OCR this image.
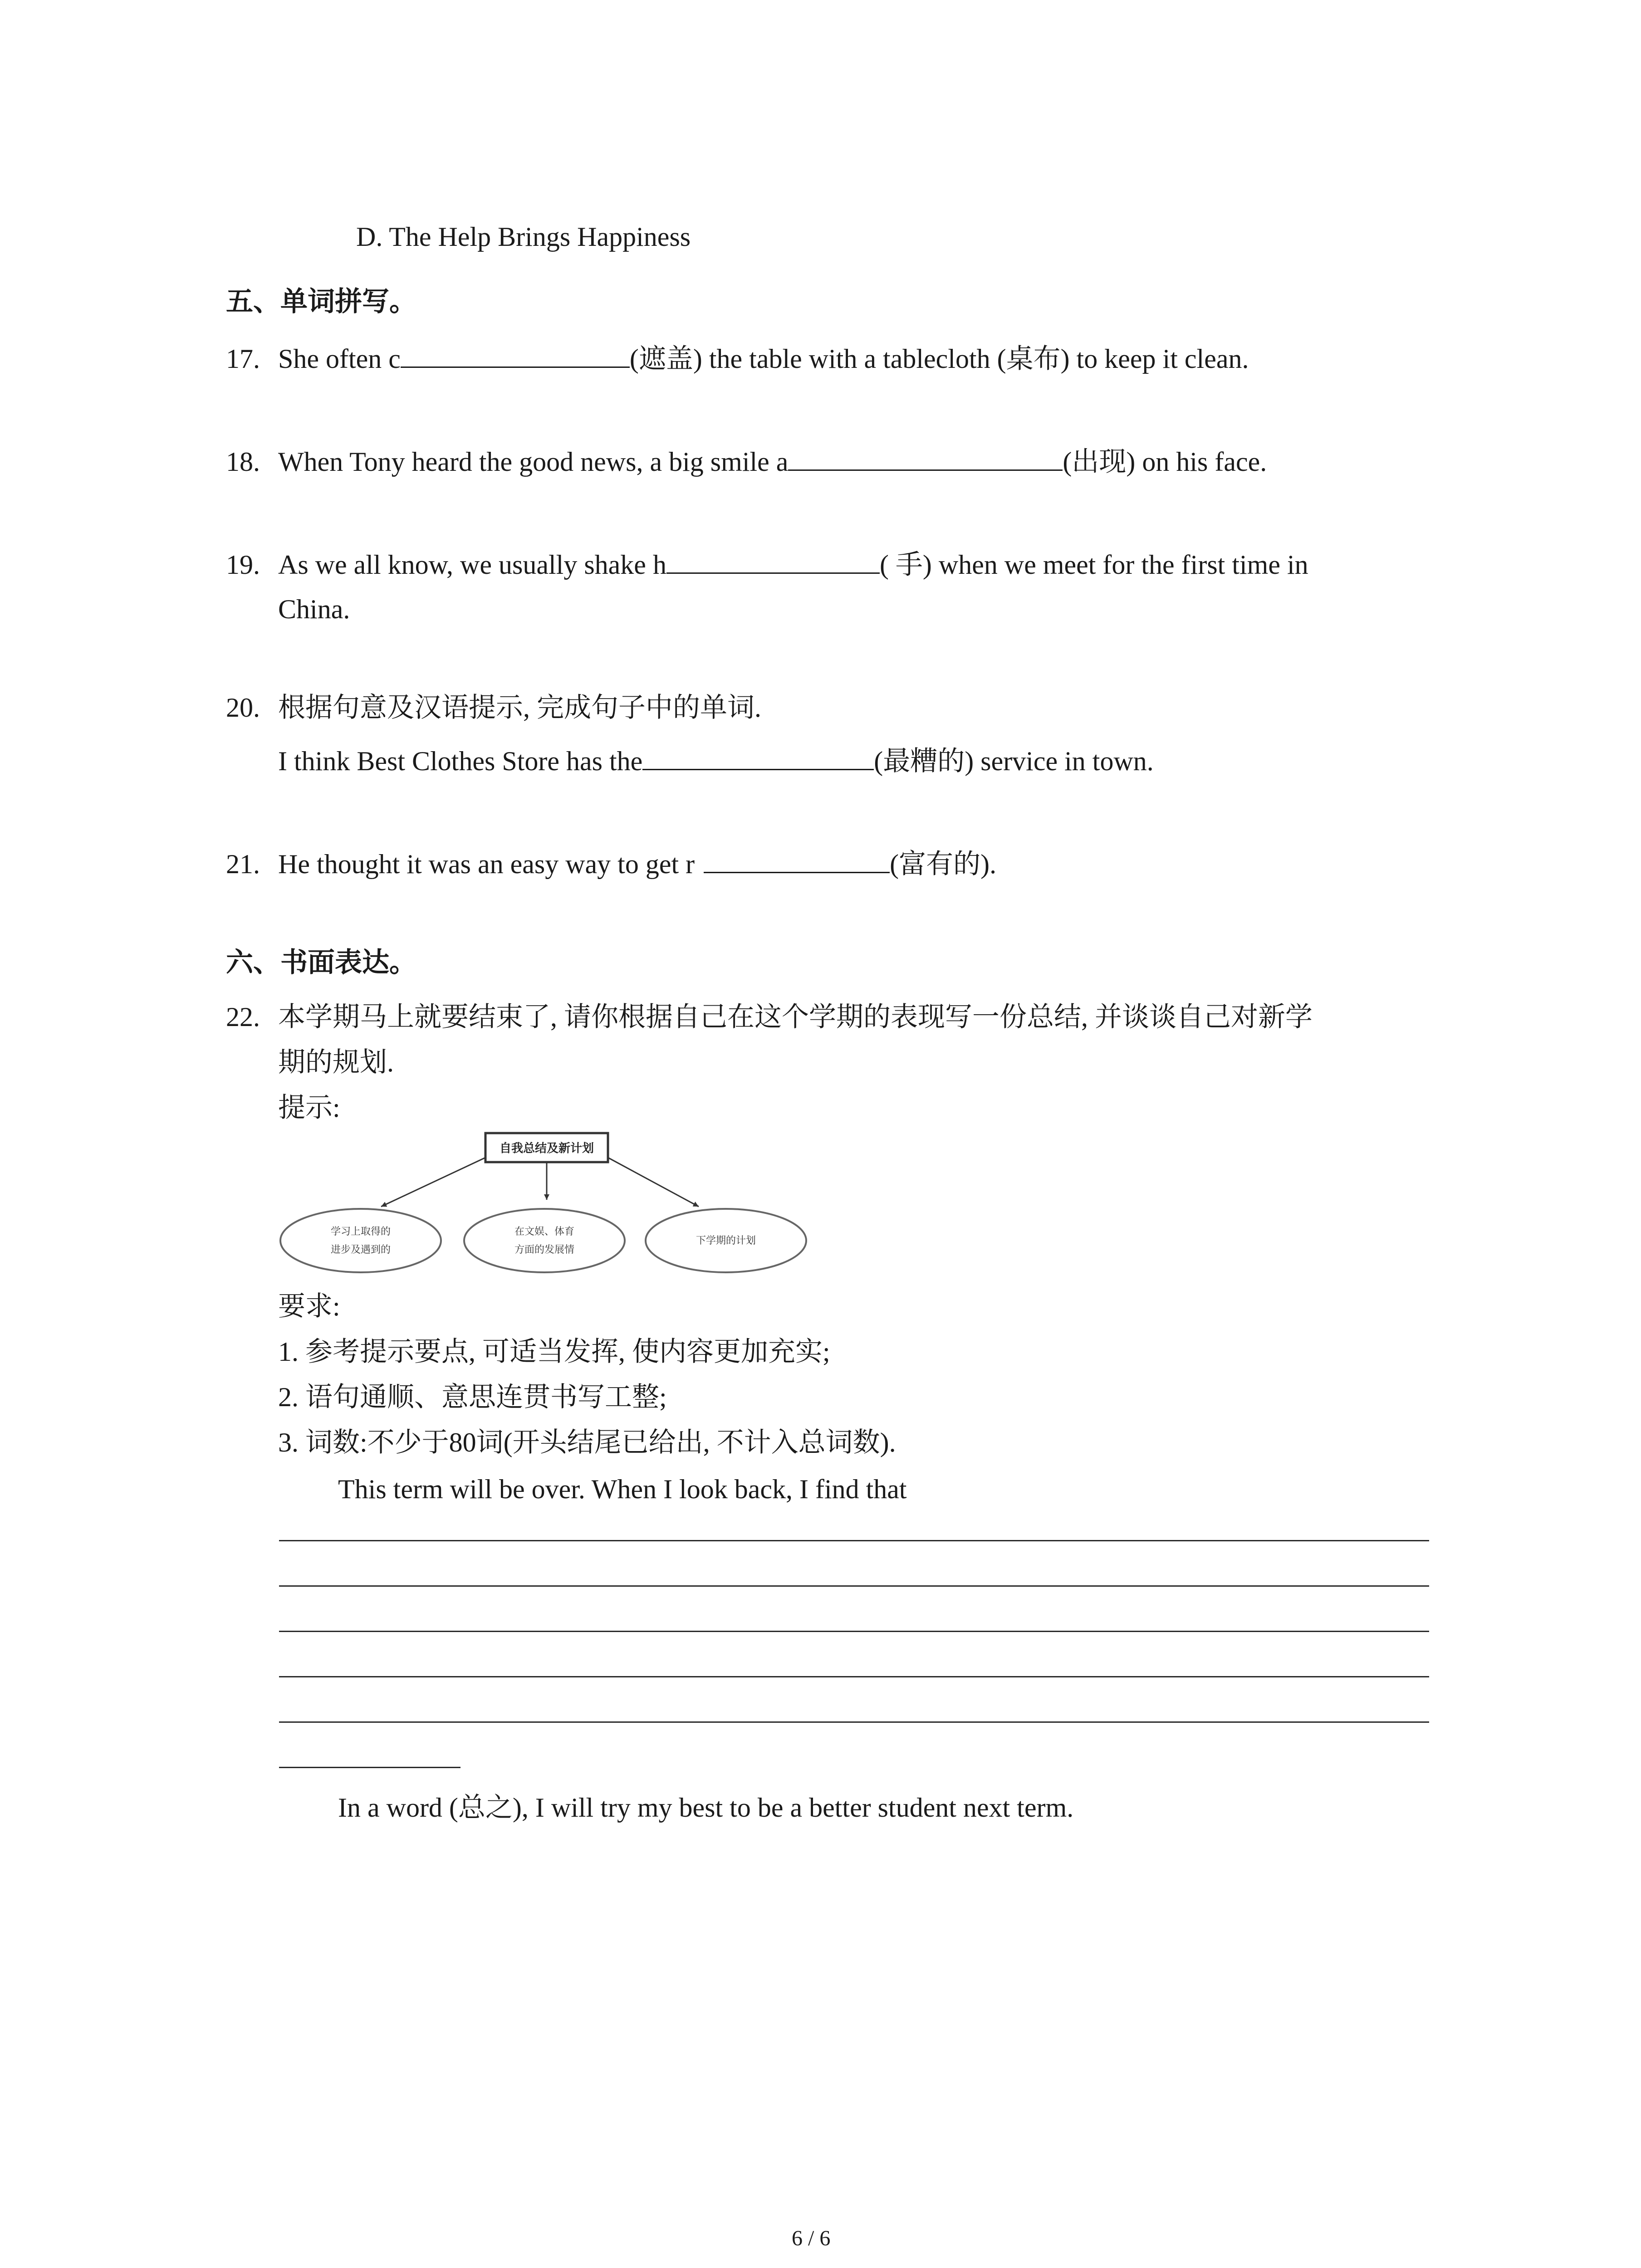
D. The Help Brings Happiness
五、单词拼写。
17. She often c	(遮盖) the table with a tablecloth (桌布) to keep it clean.
18. When Tony heard the good news, a big smile a	(出现) on his face.
19. As we all know, we usually shake h	( 手) when we meet for the first time in
China.
20. 根据句意及汉语提示, 完成句子中的单词.
I think Best Clothes Store has the	(最糟的) service in town.
21. He thought it was an easy way to get r	(富有的).
六、书面表达。
22. 本学期马上就要结束了, 请你根据自己在这个学期的表现写一份总结, 并谈谈自己对新学
期的规划.
提示:
自我总结及新计划
学习上取得的
进步及遇到的
在文娱、体育
方面的发展情
下学期的计划
要求:
1. 参考提示要点, 可适当发挥, 使内容更加充实;
2. 语句通顺、意思连贯书写工整;
3. 词数:不少于80词(开头结尾已给出, 不计入总词数).
This term will be over. When I look back, I find that
In a word (总之), I will try my best to be a better student next term.
6 / 6
